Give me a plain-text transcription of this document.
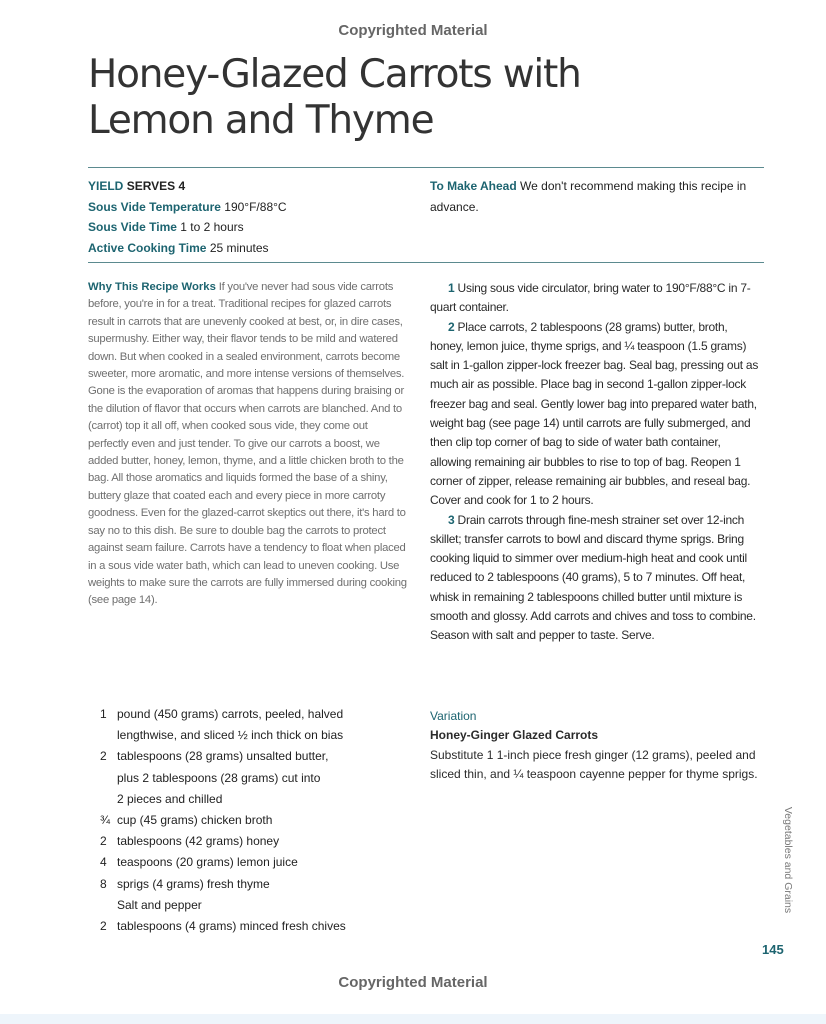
Copyrighted Material
Honey-Glazed Carrots with
Lemon and Thyme
YIELD SERVES 4
Sous Vide Temperature 190°F/88°C
Sous Vide Time 1 to 2 hours
Active Cooking Time 25 minutes
To Make Ahead We don't recommend making this recipe in advance.
Why This Recipe Works If you've never had sous vide carrots before, you're in for a treat. Traditional recipes for glazed carrots result in carrots that are unevenly cooked at best, or, in dire cases, supermushy. Either way, their flavor tends to be mild and watered down. But when cooked in a sealed environment, carrots become sweeter, more aromatic, and more intense versions of themselves. Gone is the evaporation of aromas that happens during braising or the dilution of flavor that occurs when carrots are blanched. And to (carrot) top it all off, when cooked sous vide, they come out perfectly even and just tender. To give our carrots a boost, we added butter, honey, lemon, thyme, and a little chicken broth to the bag. All those aromatics and liquids formed the base of a shiny, buttery glaze that coated each and every piece in more carroty goodness. Even for the glazed-carrot skeptics out there, it's hard to say no to this dish. Be sure to double bag the carrots to protect against seam failure. Carrots have a tendency to float when placed in a sous vide water bath, which can lead to uneven cooking. Use weights to make sure the carrots are fully immersed during cooking (see page 14).
1 pound (450 grams) carrots, peeled, halved
lengthwise, and sliced ½ inch thick on bias
2 tablespoons (28 grams) unsalted butter,
plus 2 tablespoons (28 grams) cut into
2 pieces and chilled
¾ cup (45 grams) chicken broth
2 tablespoons (42 grams) honey
4 teaspoons (20 grams) lemon juice
8 sprigs (4 grams) fresh thyme
Salt and pepper
2 tablespoons (4 grams) minced fresh chives
1 Using sous vide circulator, bring water to 190°F/88°C in 7-quart container.
2 Place carrots, 2 tablespoons (28 grams) butter, broth, honey, lemon juice, thyme sprigs, and ¼ teaspoon (1.5 grams) salt in 1-gallon zipper-lock freezer bag. Seal bag, pressing out as much air as possible. Place bag in second 1-gallon zipper-lock freezer bag and seal. Gently lower bag into prepared water bath, weight bag (see page 14) until carrots are fully submerged, and then clip top corner of bag to side of water bath container, allowing remaining air bubbles to rise to top of bag. Reopen 1 corner of zipper, release remaining air bubbles, and reseal bag. Cover and cook for 1 to 2 hours.
3 Drain carrots through fine-mesh strainer set over 12-inch skillet; transfer carrots to bowl and discard thyme sprigs. Bring cooking liquid to simmer over medium-high heat and cook until reduced to 2 tablespoons (40 grams), 5 to 7 minutes. Off heat, whisk in remaining 2 tablespoons chilled butter until mixture is smooth and glossy. Add carrots and chives and toss to combine. Season with salt and pepper to taste. Serve.
Variation
Honey-Ginger Glazed Carrots
Substitute 1 1-inch piece fresh ginger (12 grams), peeled and sliced thin, and ¼ teaspoon cayenne pepper for thyme sprigs.
Vegetables and Grains
145
Copyrighted Material
